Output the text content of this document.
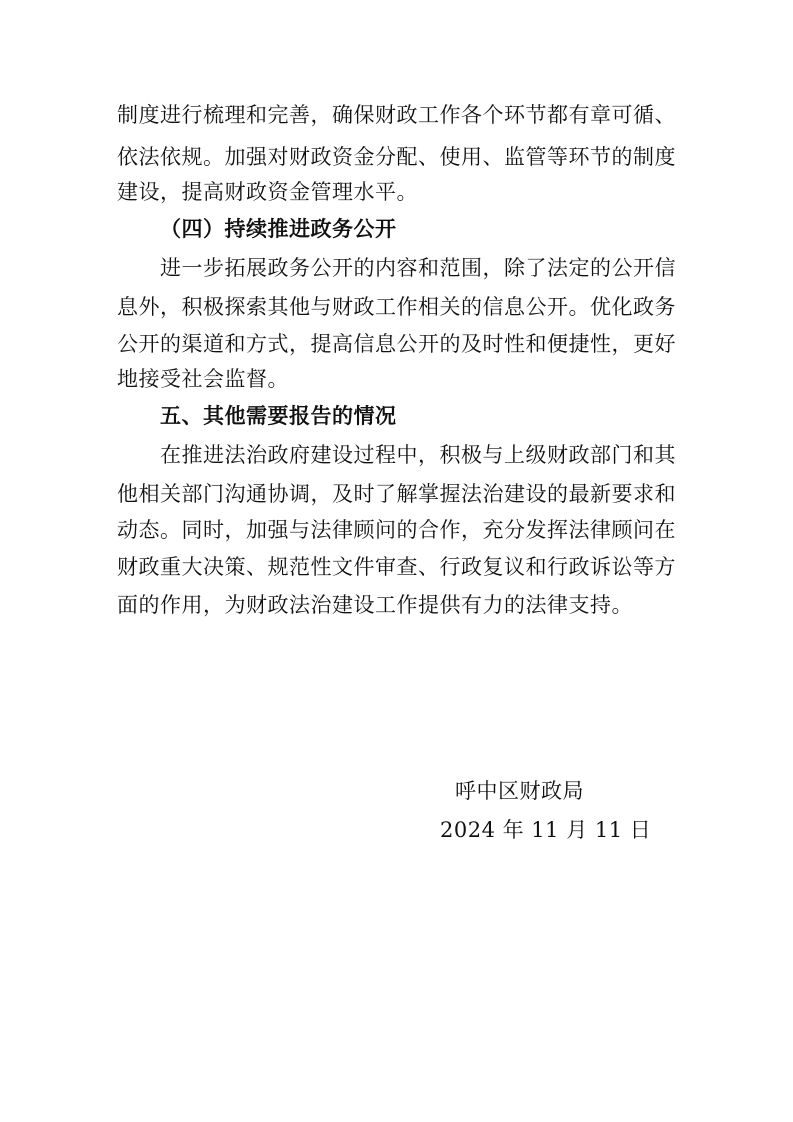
制度进行梳理和完善，确保财政工作各个环节都有章可循、
依法依规。加强对财政资金分配、使用、监管等环节的制度
建设，提高财政资金管理水平。
（四）持续推进政务公开
进一步拓展政务公开的内容和范围，除了法定的公开信
息外，积极探索其他与财政工作相关的信息公开。优化政务
公开的渠道和方式，提高信息公开的及时性和便捷性，更好
地接受社会监督。
五、其他需要报告的情况
在推进法治政府建设过程中，积极与上级财政部门和其
他相关部门沟通协调，及时了解掌握法治建设的最新要求和
动态。同时，加强与法律顾问的合作，充分发挥法律顾问在
财政重大决策、规范性文件审查、行政复议和行政诉讼等方
面的作用，为财政法治建设工作提供有力的法律支持。
呼中区财政局
2024 年 11 月 11 日
